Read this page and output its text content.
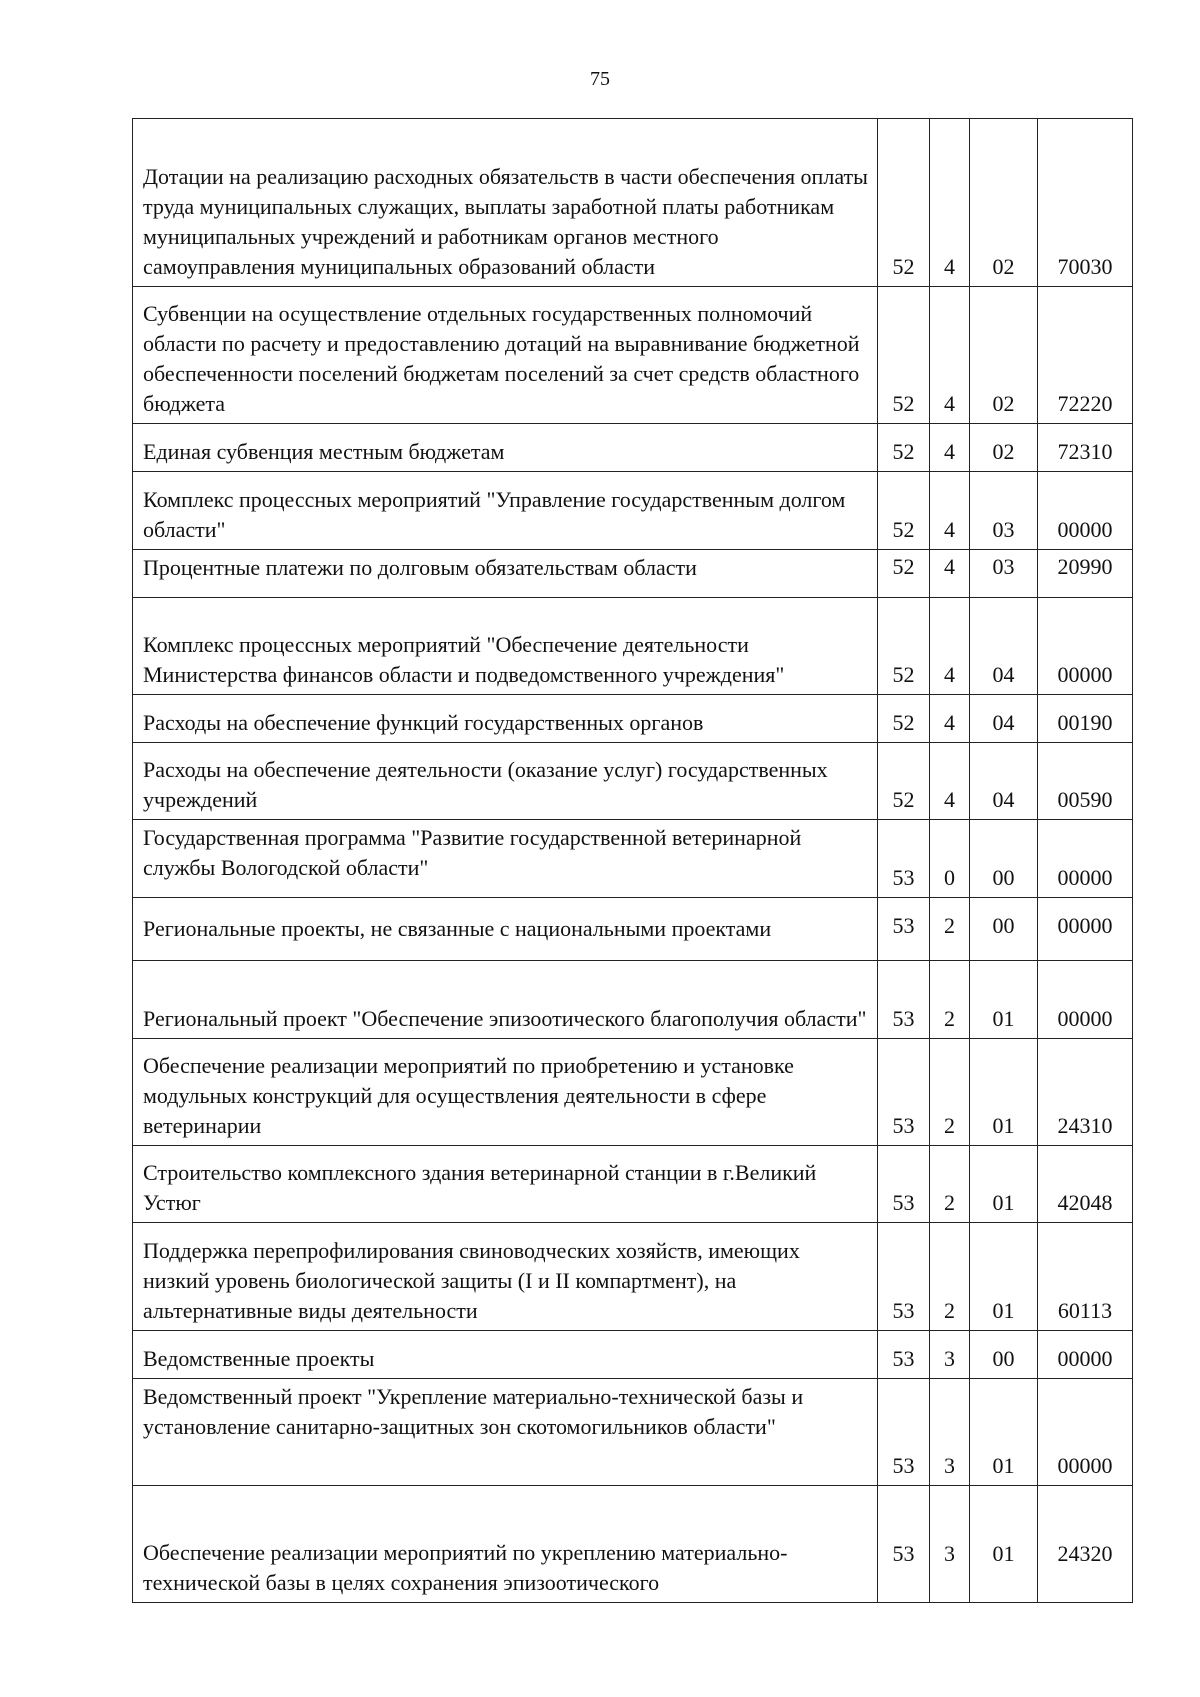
75
Дотации на реализацию расходных обязательств в части обеспечения оплаты труда муниципальных служащих, выплаты заработной платы работникам муниципальных учреждений и работникам органов местного самоуправления муниципальных образований области	52	4	02	70030
Субвенции на осуществление отдельных государственных полномочий области по расчету и предоставлению дотаций на выравнивание бюджетной обеспеченности поселений бюджетам поселений за счет средств областного бюджета	52	4	02	72220
Единая субвенция местным бюджетам	52	4	02	72310
Комплекс процессных мероприятий "Управление государственным долгом области"	52	4	03	00000
Процентные платежи по долговым обязательствам области	52	4	03	20990
Комплекс процессных мероприятий "Обеспечение деятельности Министерства финансов области и подведомственного учреждения"	52	4	04	00000
Расходы на обеспечение функций государственных органов	52	4	04	00190
Расходы на обеспечение деятельности (оказание услуг) государственных учреждений	52	4	04	00590
Государственная программа "Развитие государственной ветеринарной службы Вологодской области"	53	0	00	00000
Региональные проекты, не связанные с национальными проектами	53	2	00	00000
Региональный проект "Обеспечение эпизоотического благополучия области"	53	2	01	00000
Обеспечение реализации мероприятий по приобретению и установке модульных конструкций для осуществления деятельности в сфере ветеринарии	53	2	01	24310
Строительство комплексного здания ветеринарной станции в г.Великий Устюг	53	2	01	42048
Поддержка перепрофилирования свиноводческих хозяйств, имеющих низкий уровень биологической защиты (I и II компартмент), на альтернативные виды деятельности	53	2	01	60113
Ведомственные проекты	53	3	00	00000
Ведомственный проект "Укрепление материально-технической базы и установление санитарно-защитных зон скотомогильников области"	53	3	01	00000
Обеспечение реализации мероприятий по укреплению материально-технической базы в целях сохранения эпизоотического	53	3	01	24320
